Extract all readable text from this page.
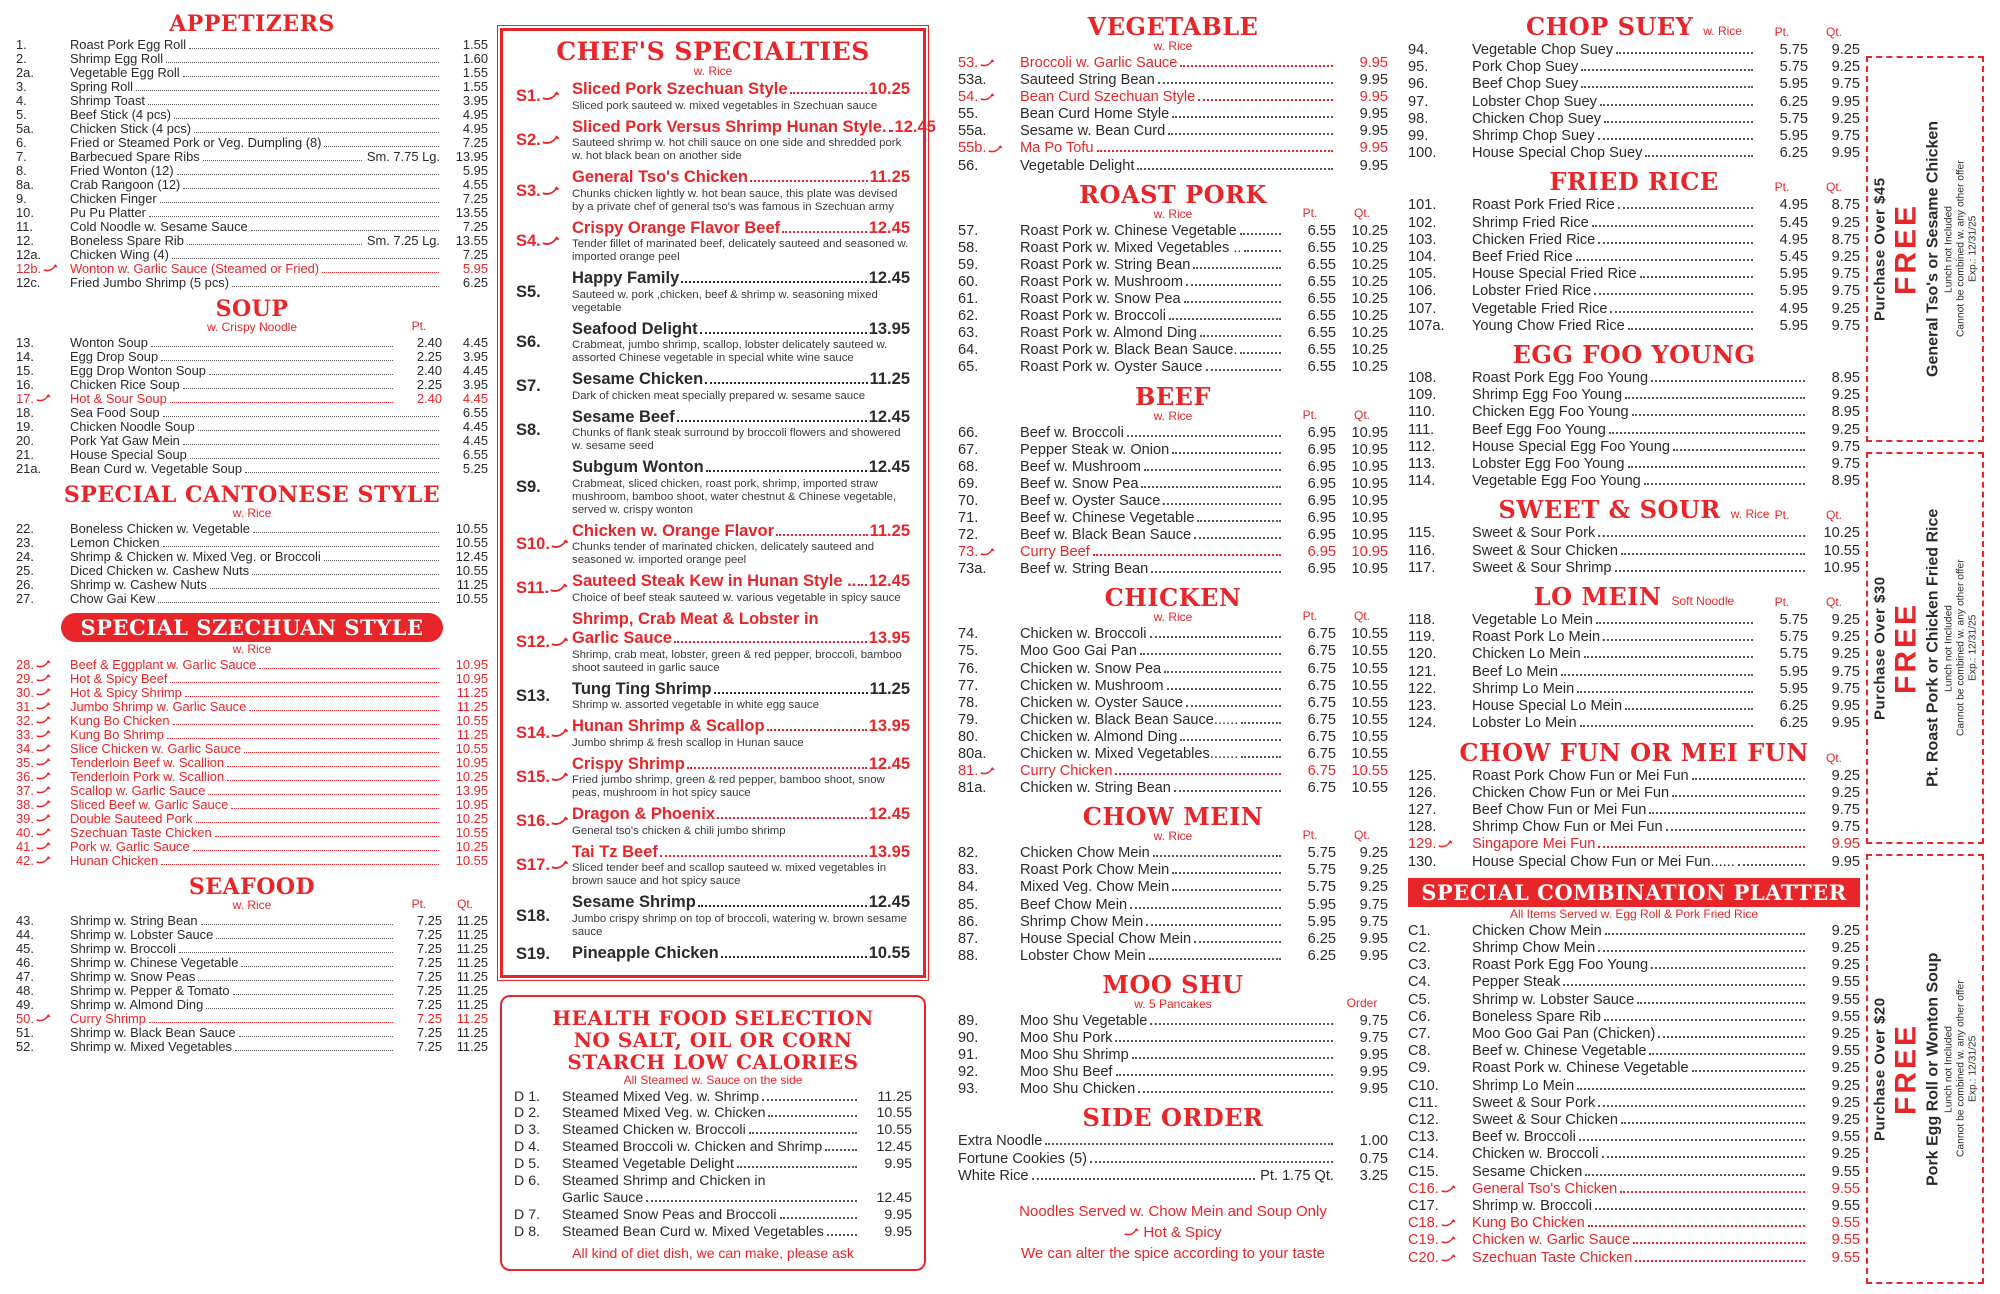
APPETIZERS
1.	Roast Pork Egg Roll	1.55
2.	Shrimp Egg Roll	1.60
2a.	Vegetable Egg Roll	1.55
3.	Spring Roll	1.55
4.	Shrimp Toast	3.95
5.	Beef Stick (4 pcs)	4.95
5a.	Chicken Stick (4 pcs)	4.95
6.	Fried or Steamed Pork or Veg. Dumpling (8)	7.25
7.	Barbecued Spare Ribs	Sm. 7.75 Lg.	13.95
8.	Fried Wonton (12)	5.95
8a.	Crab Rangoon (12)	4.55
9.	Chicken Finger	7.25
10.	Pu Pu Platter	13.55
11.	Cold Noodle w. Sesame Sauce	7.25
12.	Boneless Spare Rib	Sm. 7.25 Lg.	13.55
12a.	Chicken Wing (4)	7.25
12b.	Wonton w. Garlic Sauce (Steamed or Fried)	5.95
12c.	Fried Jumbo Shrimp (5 pcs)	6.25
SOUP
w. Crispy Noodle	Pt.
13.	Wonton Soup	2.40	4.45
14.	Egg Drop Soup	2.25	3.95
15.	Egg Drop Wonton Soup	2.40	4.45
16.	Chicken Rice Soup	2.25	3.95
17.	Hot & Sour Soup	2.40	4.45
18.	Sea Food Soup	6.55
19.	Chicken Noodle Soup	4.45
20.	Pork Yat Gaw Mein	4.45
21.	House Special Soup	6.55
21a.	Bean Curd w. Vegetable Soup	5.25
SPECIAL CANTONESE STYLE
w. Rice
22.	Boneless Chicken w. Vegetable	10.55
23.	Lemon Chicken	10.55
24.	Shrimp & Chicken w. Mixed Veg. or Broccoli	12.45
25.	Diced Chicken w. Cashew Nuts	10.55
26.	Shrimp w. Cashew Nuts	11.25
27.	Chow Gai Kew	10.55
SPECIAL SZECHUAN STYLE
w. Rice
28.	Beef & Eggplant w. Garlic Sauce	10.95
29.	Hot & Spicy Beef	10.95
30.	Hot & Spicy Shrimp	11.25
31.	Jumbo Shrimp w. Garlic Sauce	11.25
32.	Kung Bo Chicken	10.55
33.	Kung Bo Shrimp	11.25
34.	Slice Chicken w. Garlic Sauce	10.55
35.	Tenderloin Beef w. Scallion	10.95
36.	Tenderloin Pork w. Scallion	10.25
37.	Scallop w. Garlic Sauce	13.95
38.	Sliced Beef w. Garlic Sauce	10.95
39.	Double Sauteed Pork	10.25
40.	Szechuan Taste Chicken	10.55
41.	Pork w. Garlic Sauce	10.25
42.	Hunan Chicken	10.55
SEAFOOD
w. Rice	Pt.	Qt.
43.	Shrimp w. String Bean	7.25	11.25
44.	Shrimp w. Lobster Sauce	7.25	11.25
45.	Shrimp w. Broccoli	7.25	11.25
46.	Shrimp w. Chinese Vegetable	7.25	11.25
47.	Shrimp w. Snow Peas	7.25	11.25
48.	Shrimp w. Pepper & Tomato	7.25	11.25
49.	Shrimp w. Almond Ding	7.25	11.25
50.	Curry Shrimp	7.25	11.25
51.	Shrimp w. Black Bean Sauce	7.25	11.25
52.	Shrimp w. Mixed Vegetables	7.25	11.25
CHEF'S SPECIALTIES
w. Rice
S1.	Sliced Pork Szechuan Style	10.25
Sliced pork sauteed w. mixed vegetables in Szechuan sauce
S2.
Sliced Pork Versus Shrimp Hunan Style. 12.45
Sauteed shrimp w. hot chili sauce on one side and shredded pork w. hot black bean on another side
S3.
General Tso's Chicken	11.25
Chunks chicken lightly w. hot bean sauce, this plate was devised by a private chef of general tso's was famous in Szechuan army
S4.
Crispy Orange Flavor Beef	12.45
Tender fillet of marinated beef, delicately sauteed and seasoned w. imported orange peel
S5.
Happy Family	12.45
Sauteed w. pork ,chicken, beef & shrimp w. seasoning mixed vegetable
S6.
Seafood Delight	13.95
Crabmeat, jumbo shrimp, scallop, lobster delicately sauteed w. assorted Chinese vegetable in special white wine sauce
S7.	Sesame Chicken	11.25
Dark of chicken meat specially prepared w. sesame sauce
S8.
Sesame Beef	12.45
Chunks of flank steak surround by broccoli flowers and showered w. sesame seed
S9.
Subgum Wonton	12.45
Crabmeat, sliced chicken, roast pork, shrimp, imported straw mushroom, bamboo shoot, water chestnut & Chinese vegetable, served w. crispy wonton
S10.
Chicken w. Orange Flavor	11.25
Chunks tender of marinated chicken, delicately sauteed and seasoned w. imported orange peel
S11.	Sauteed Steak Kew in Hunan Style .. 12.45
Choice of beef steak sauteed w. various vegetable in spicy sauce
S12.
Shrimp, Crab Meat & Lobster in
Garlic Sauce	13.95
Shrimp, crab meat, lobster, green & red pepper, broccoli, bamboo shoot sauteed in garlic sauce
S13.	Tung Ting Shrimp	11.25
Shrimp w. assorted vegetable in white egg sauce
S14.	Hunan Shrimp & Scallop	13.95
Jumbo shrimp & fresh scallop in Hunan sauce
S15.
Crispy Shrimp	12.45
Fried jumbo shrimp, green & red pepper, bamboo shoot, snow peas, mushroom in hot spicy sauce
S16.	Dragon & Phoenix	12.45
General tso's chicken & chili jumbo shrimp
S17.
Tai Tz Beef	13.95
Sliced tender beef and scallop sauteed w. mixed vegetables in brown sauce and hot spicy sauce
S18.
Sesame Shrimp	12.45
Jumbo crispy shrimp on top of broccoli, watering w. brown sesame sauce
S19.	Pineapple Chicken	10.55
HEALTH FOOD SELECTION
NO SALT, OIL OR CORN
STARCH LOW CALORIES
All Steamed w. Sauce on the side
D 1.	Steamed Mixed Veg. w. Shrimp	11.25
D 2.	Steamed Mixed Veg. w. Chicken	10.55
D 3.	Steamed Chicken w. Broccoli	10.55
D 4.	Steamed Broccoli w. Chicken and Shrimp	12.45
D 5.	Steamed Vegetable Delight	9.95
D 6.	Steamed Shrimp and Chicken in
Garlic Sauce	12.45
D 7.	Steamed Snow Peas and Broccoli	9.95
D 8.	Steamed Bean Curd w. Mixed Vegetables	9.95
All kind of diet dish, we can make, please ask
VEGETABLE
w. Rice
53.	Broccoli w. Garlic Sauce	9.95
53a.	Sauteed String Bean	9.95
54.	Bean Curd Szechuan Style	9.95
55.	Bean Curd Home Style	9.95
55a.	Sesame w. Bean Curd	9.95
55b.	Ma Po Tofu	9.95
56.	Vegetable Delight	9.95
ROAST PORK
w. Rice	Pt.	Qt.
57.	Roast Pork w. Chinese Vegetable	6.55	10.25
58.	Roast Pork w. Mixed Vegetables ..	6.55	10.25
59.	Roast Pork w. String Bean	6.55	10.25
60.	Roast Pork w. Mushroom	6.55	10.25
61.	Roast Pork w. Snow Pea	6.55	10.25
62.	Roast Pork w. Broccoli	6.55	10.25
63.	Roast Pork w. Almond Ding	6.55	10.25
64.	Roast Pork w. Black Bean Sauce.	6.55	10.25
65.	Roast Pork w. Oyster Sauce	6.55	10.25
BEEF
w. Rice	Pt.	Qt.
66.	Beef w. Broccoli	6.95	10.95
67.	Pepper Steak w. Onion	6.95	10.95
68.	Beef w. Mushroom	6.95	10.95
69.	Beef w. Snow Pea	6.95	10.95
70.	Beef w. Oyster Sauce	6.95	10.95
71.	Beef w. Chinese Vegetable	6.95	10.95
72.	Beef w. Black Bean Sauce	6.95	10.95
73.	Curry Beef	6.95	10.95
73a.	Beef w. String Bean	6.95	10.95
CHICKEN
w. Rice	Pt.	Qt.
74.	Chicken w. Broccoli	6.75	10.55
75.	Moo Goo Gai Pan	6.75	10.55
76.	Chicken w. Snow Pea	6.75	10.55
77.	Chicken w. Mushroom	6.75	10.55
78.	Chicken w. Oyster Sauce	6.75	10.55
79.	Chicken w. Black Bean Sauce......	6.75	10.55
80.	Chicken w. Almond Ding	6.75	10.55
80a.	Chicken w. Mixed Vegetables.......	6.75	10.55
81.	Curry Chicken	6.75	10.55
81a.	Chicken w. String Bean	6.75	10.55
CHOW MEIN
w. Rice	Pt.	Qt.
82.	Chicken Chow Mein	5.75	9.25
83.	Roast Pork Chow Mein	5.75	9.25
84.	Mixed Veg. Chow Mein	5.75	9.25
85.	Beef Chow Mein	5.95	9.75
86.	Shrimp Chow Mein	5.95	9.75
87.	House Special Chow Mein	6.25	9.95
88.	Lobster Chow Mein	6.25	9.95
MOO SHU
w. 5 Pancakes	Order
89.	Moo Shu Vegetable	9.75
90.	Moo Shu Pork	9.75
91.	Moo Shu Shrimp	9.95
92.	Moo Shu Beef	9.95
93.	Moo Shu Chicken	9.95
SIDE ORDER
Extra Noodle	1.00
Fortune Cookies (5)	0.75
White Rice	Pt. 1.75 Qt.	3.25
Noodles Served w. Chow Mein and Soup Only
Hot & Spicy
We can alter the spice according to your taste
CHOP SUEY w. Rice	Pt.	Qt.
94.	Vegetable Chop Suey	5.75	9.25
95.	Pork Chop Suey	5.75	9.25
96.	Beef Chop Suey	5.95	9.75
97.	Lobster Chop Suey	6.25	9.95
98.	Chicken Chop Suey	5.75	9.25
99.	Shrimp Chop Suey	5.95	9.75
100.	House Special Chop Suey	6.25	9.95
FRIED RICE	Pt.	Qt.
101.	Roast Pork Fried Rice	4.95	8.75
102.	Shrimp Fried Rice	5.45	9.25
103.	Chicken Fried Rice	4.95	8.75
104.	Beef Fried Rice	5.45	9.25
105.	House Special Fried Rice	5.95	9.75
106.	Lobster Fried Rice	5.95	9.75
107.	Vegetable Fried Rice	4.95	9.25
107a.	Young Chow Fried Rice	5.95	9.75
EGG FOO YOUNG
108.	Roast Pork Egg Foo Young	8.95
109.	Shrimp Egg Foo Young	9.25
110.	Chicken Egg Foo Young	8.95
111.	Beef Egg Foo Young	9.25
112.	House Special Egg Foo Young	9.75
113.	Lobster Egg Foo Young	9.75
114.	Vegetable Egg Foo Young	8.95
SWEET & SOUR w. Rice Pt.	Qt.
115.	Sweet & Sour Pork	10.25
116.	Sweet & Sour Chicken	10.55
117.	Sweet & Sour Shrimp	10.95
LO MEIN Soft Noodle	Pt.	Qt.
118.	Vegetable Lo Mein	5.75	9.25
119.	Roast Pork Lo Mein	5.75	9.25
120.	Chicken Lo Mein	5.75	9.25
121.	Beef Lo Mein	5.95	9.75
122.	Shrimp Lo Mein	5.95	9.75
123.	House Special Lo Mein	6.25	9.95
124.	Lobster Lo Mein	6.25	9.95
CHOW FUN OR MEI FUN	Qt.
125.	Roast Pork Chow Fun or Mei Fun	9.25
126.	Chicken Chow Fun or Mei Fun	9.25
127.	Beef Chow Fun or Mei Fun	9.75
128.	Shrimp Chow Fun or Mei Fun	9.75
129.	Singapore Mei Fun	9.95
130.	House Special Chow Fun or Mei Fun......	9.95
SPECIAL COMBINATION PLATTER
All Items Served w. Egg Roll & Pork Fried Rice
C1.	Chicken Chow Mein	9.25
C2.	Shrimp Chow Mein	9.25
C3.	Roast Pork Egg Foo Young	9.25
C4.	Pepper Steak	9.55
C5.	Shrimp w. Lobster Sauce	9.55
C6.	Boneless Spare Rib	9.55
C7.	Moo Goo Gai Pan (Chicken)	9.25
C8.	Beef w. Chinese Vegetable	9.55
C9.	Roast Pork w. Chinese Vegetable	9.25
C10.	Shrimp Lo Mein	9.25
C11.	Sweet & Sour Pork	9.25
C12.	Sweet & Sour Chicken	9.25
C13.	Beef w. Broccoli	9.55
C14.	Chicken w. Broccoli	9.25
C15.	Sesame Chicken	9.55
C16.	General Tso's Chicken	9.55
C17.	Shrimp w. Broccoli	9.55
C18.	Kung Bo Chicken	9.55
C19.	Chicken w. Garlic Sauce	9.55
C20.	Szechuan Taste Chicken	9.55
Purchase Over $45 FREE General Tso's or Sesame Chicken Lunch not Included Cannot be combined w. any other offer Exp.: 12/31/25
Purchase Over $30 FREE Pt. Roast Pork or Chicken Fried Rice Lunch not Included Cannot be combined w. any other offer Exp.: 12/31/25
Purchase Over $20 FREE Pork Egg Roll or Wonton Soup Lunch not Included Cannot be combined w. any other offer Exp.: 12/31/25
